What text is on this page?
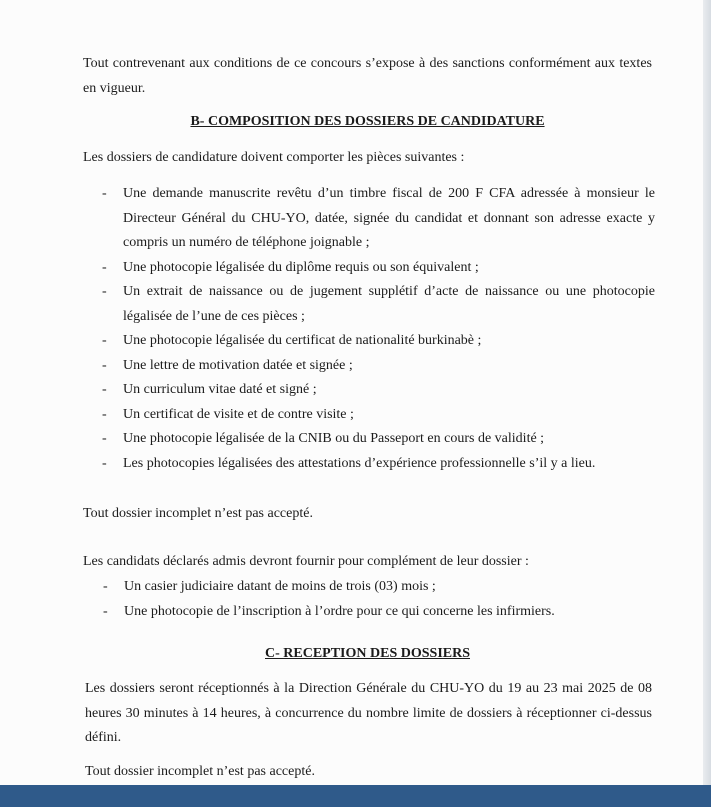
Tout contrevenant aux conditions de ce concours s’expose à des sanctions conformément aux textes en vigueur.

B- COMPOSITION DES DOSSIERS DE CANDIDATURE

Les dossiers de candidature doivent comporter les pièces suivantes :

- Une demande manuscrite revêtu d’un timbre fiscal de 200 F CFA adressée à monsieur le Directeur Général du CHU-YO, datée, signée du candidat et donnant son adresse exacte y compris un numéro de téléphone joignable ;
- Une photocopie légalisée du diplôme requis ou son équivalent ;
- Un extrait de naissance ou de jugement supplétif d’acte de naissance ou une photocopie légalisée de l’une de ces pièces ;
- Une photocopie légalisée du certificat de nationalité burkinabè ;
- Une lettre de motivation datée et signée ;
- Un curriculum vitae daté et signé ;
- Un certificat de visite et de contre visite ;
- Une photocopie légalisée de la CNIB ou du Passeport en cours de validité ;
- Les photocopies légalisées des attestations d’expérience professionnelle s’il y a lieu.

Tout dossier incomplet n’est pas accepté.

Les candidats déclarés admis devront fournir pour complément de leur dossier :

- Un casier judiciaire datant de moins de trois (03) mois ;
- Une photocopie de l’inscription à l’ordre pour ce qui concerne les infirmiers.

C- RECEPTION DES DOSSIERS

Les dossiers seront réceptionnés à la Direction Générale du CHU-YO du 19 au 23 mai 2025 de 08 heures 30 minutes à 14 heures, à concurrence du nombre limite de dossiers à réceptionner ci-dessus défini.

Tout dossier incomplet n’est pas accepté.
